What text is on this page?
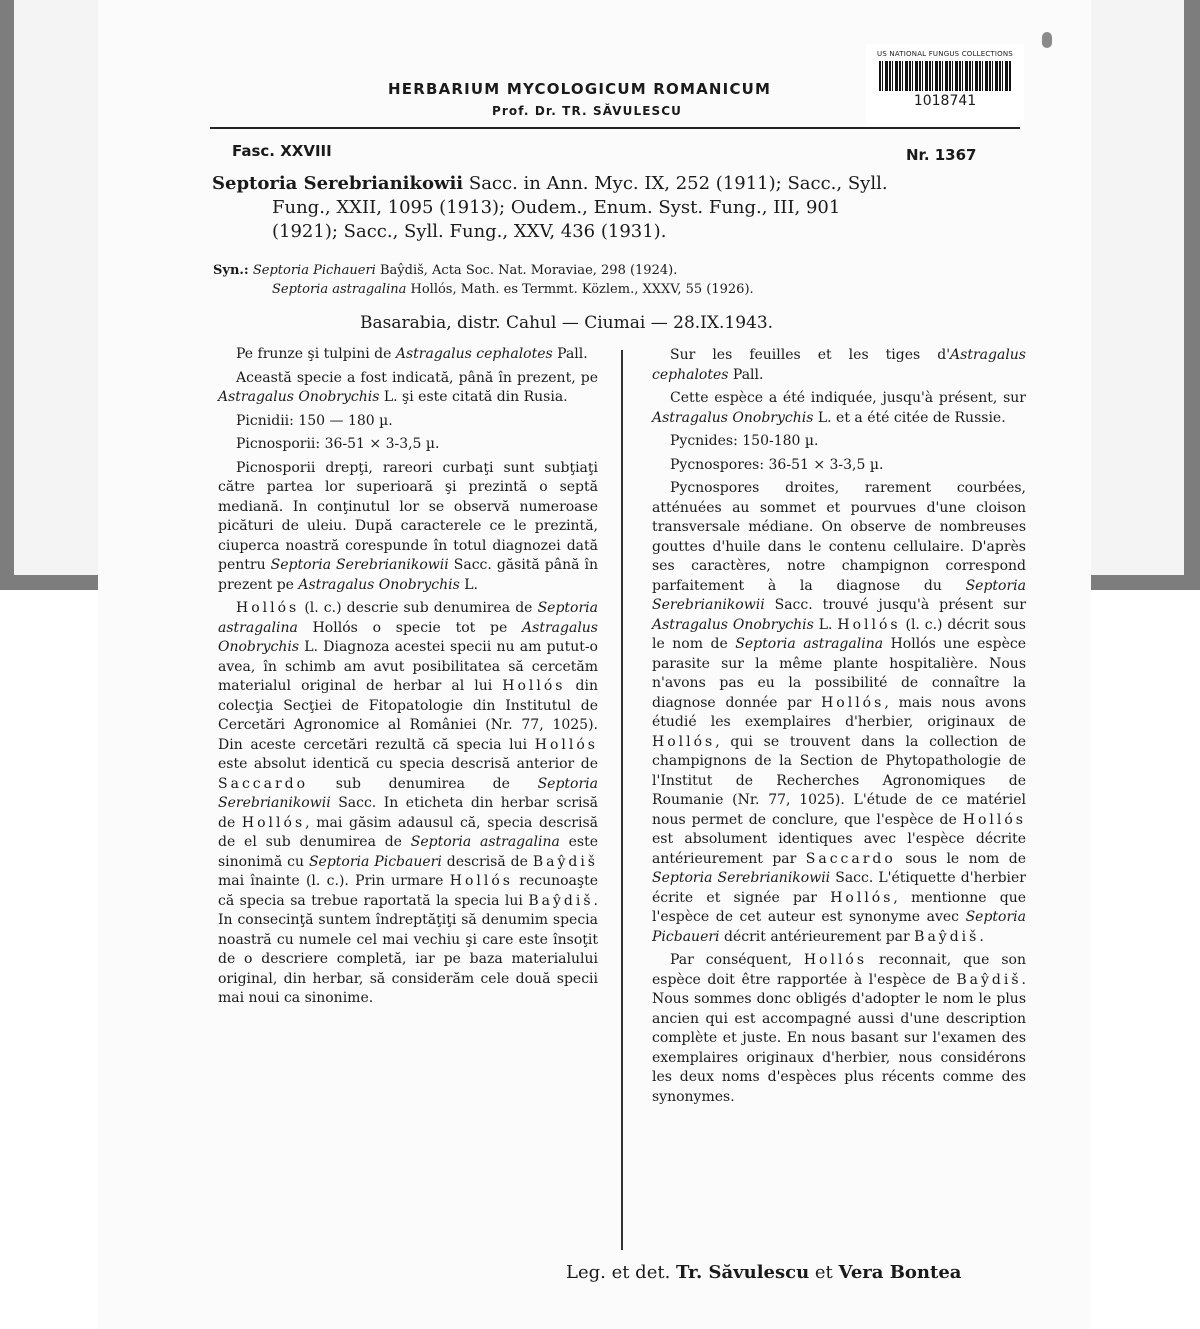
US NATIONAL FUNGUS COLLECTIONS
1018741
HERBARIUM MYCOLOGICUM ROMANICUM
Prof. Dr. TR. SĂVULESCU
Fasc. XXVIII	Nr. 1367
Septoria Serebrianikowii Sacc. in Ann. Myc. IX, 252 (1911); Sacc., Syll.
Fung., XXII, 1095 (1913); Oudem., Enum. Syst. Fung., III, 901
(1921); Sacc., Syll. Fung., XXV, 436 (1931).
Syn.: Septoria Pichaueri Baŷdiš, Acta Soc. Nat. Moraviae, 298 (1924).
Septoria astragalina Hollós, Math. es Termmt. Közlem., XXXV, 55 (1926).
Basarabia, distr. Cahul — Ciumai — 28.IX.1943.

Pe frunze şi tulpini de Astragalus cephalotes Pall.

Această specie a fost indicată, până în prezent, pe Astragalus Onobrychis L. şi este citată din Rusia.

Picnidii: 150 — 180 µ.

Picnosporii: 36-51 × 3-3,5 µ.

Picnosporii drepţi, rareori curbaţi sunt subţiaţi către partea lor superioară şi prezintă o septă mediană. In conţinutul lor se observă numeroase picături de uleiu. După caracterele ce le prezintă, ciuperca noastră corespunde în totul diagnozei dată pentru Septoria Serebrianikowii Sacc. găsită până în prezent pe Astragalus Onobrychis L.

Hollós (l. c.) descrie sub denumirea de Septoria astragalina Hollós o specie tot pe Astragalus Onobrychis L. Diagnoza acestei specii nu am putut-o avea, în schimb am avut posibilitatea să cercetăm materialul original de herbar al lui Hollós din colecţia Secţiei de Fitopatologie din Institutul de Cercetări Agronomice al României (Nr. 77, 1025). Din aceste cercetări rezultă că specia lui Hollós este absolut identică cu specia descrisă anterior de Saccardo sub denumirea de Septoria Serebrianikowii Sacc. In eticheta din herbar scrisă de Hollós, mai găsim adausul că, specia descrisă de el sub denumirea de Septoria astragalina este sinonimă cu Septoria Picbaueri descrisă de Baŷdiš mai înainte (l. c.). Prin urmare Hollós recunoaşte că specia sa trebue raportată la specia lui Baŷdiš. In consecinţă suntem îndreptăţiţi să denumim specia noastră cu numele cel mai vechiu şi care este însoţit de o descriere completă, iar pe baza materialului original, din herbar, să considerăm cele două specii mai noui ca sinonime.

Sur les feuilles et les tiges d'Astragalus cephalotes Pall.

Cette espèce a été indiquée, jusqu'à présent, sur Astragalus Onobrychis L. et a été citée de Russie.

Pycnides: 150-180 µ.

Pycnospores: 36-51 × 3-3,5 µ.

Pycnospores droites, rarement courbées, atténuées au sommet et pourvues d'une cloison transversale médiane. On observe de nombreuses gouttes d'huile dans le contenu cellulaire. D'après ses caractères, notre champignon correspond parfaitement à la diagnose du Septoria Serebrianikowii Sacc. trouvé jusqu'à présent sur Astragalus Onobrychis L. Hollós (l. c.) décrit sous le nom de Septoria astragalina Hollós une espèce parasite sur la même plante hospitalière. Nous n'avons pas eu la possibilité de connaître la diagnose donnée par Hollós, mais nous avons étudié les exemplaires d'herbier, originaux de Hollós, qui se trouvent dans la collection de champignons de la Section de Phytopathologie de l'Institut de Recherches Agronomiques de Roumanie (Nr. 77, 1025). L'étude de ce matériel nous permet de conclure, que l'espèce de Hollós est absolument identiques avec l'espèce décrite antérieurement par Saccardo sous le nom de Septoria Serebrianikowii Sacc. L'étiquette d'herbier écrite et signée par Hollós, mentionne que l'espèce de cet auteur est synonyme avec Septoria Picbaueri décrit antérieurement par Baŷdiš.

Par conséquent, Hollós reconnait, que son espèce doit être rapportée à l'espèce de Baŷdiš. Nous sommes donc obligés d'adopter le nom le plus ancien qui est accompagné aussi d'une description complète et juste. En nous basant sur l'examen des exemplaires originaux d'herbier, nous considérons les deux noms d'espèces plus récents comme des synonymes.

Leg. et det. Tr. Săvulescu et Vera Bontea
